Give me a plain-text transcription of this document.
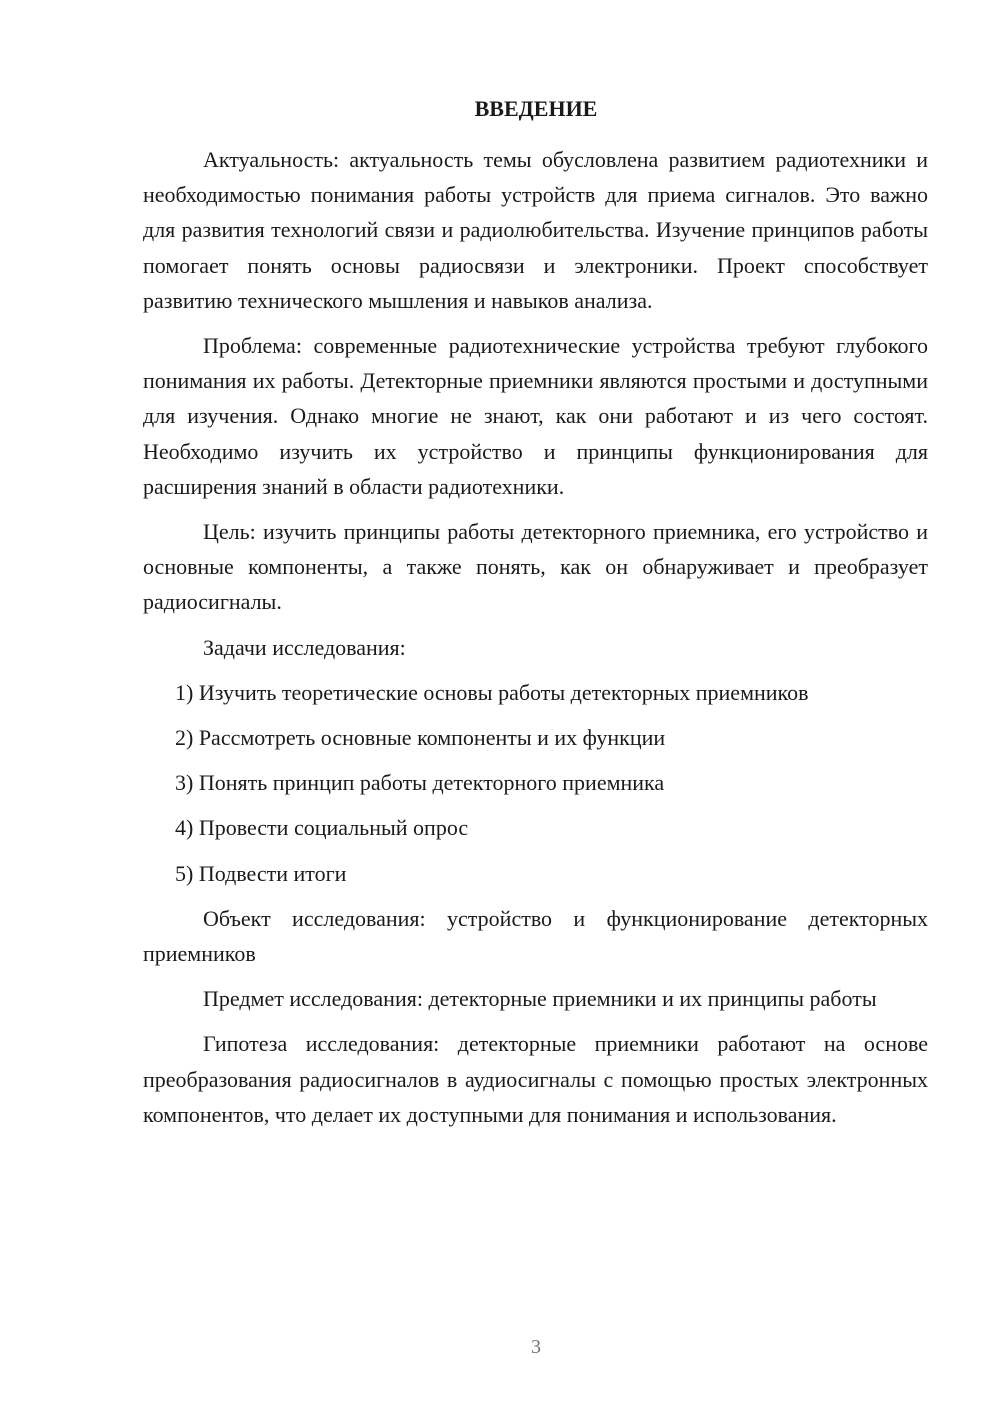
ВВЕДЕНИЕ

Актуальность: актуальность темы обусловлена развитием радиотехники и необходимостью понимания работы устройств для приема сигналов. Это важно для развития технологий связи и радиолюбительства. Изучение принципов работы помогает понять основы радиосвязи и электроники. Проект способствует развитию технического мышления и навыков анализа.

Проблема: современные радиотехнические устройства требуют глубокого понимания их работы. Детекторные приемники являются простыми и доступными для изучения. Однако многие не знают, как они работают и из чего состоят. Необходимо изучить их устройство и принципы функционирования для расширения знаний в области радиотехники.

Цель: изучить принципы работы детекторного приемника, его устройство и основные компоненты, а также понять, как он обнаруживает и преобразует радиосигналы.

Задачи исследования:

1) Изучить теоретические основы работы детекторных приемников
2) Рассмотреть основные компоненты и их функции
3) Понять принцип работы детекторного приемника
4) Провести социальный опрос
5) Подвести итоги

Объект исследования: устройство и функционирование детекторных приемников

Предмет исследования: детекторные приемники и их принципы работы

Гипотеза исследования: детекторные приемники работают на основе преобразования радиосигналов в аудиосигналы с помощью простых электронных компонентов, что делает их доступными для понимания и использования.

3
